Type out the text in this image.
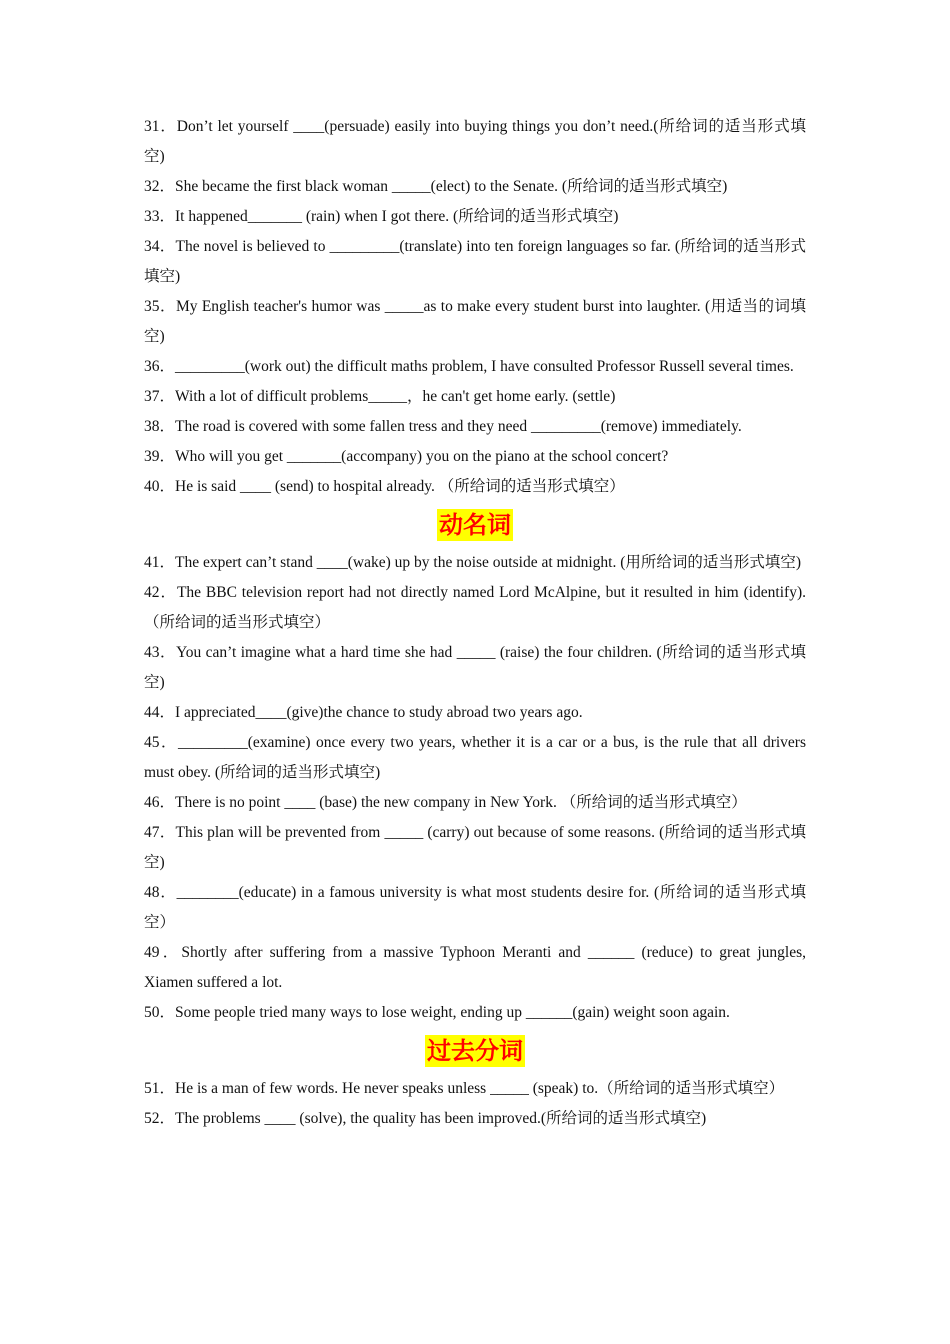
31．Don’t let yourself ____(persuade) easily into buying things you don’t need.(所给词的适当形式填空)

32．She became the first black woman _____(elect) to the Senate. (所给词的适当形式填空)

33．It happened_______ (rain) when I got there. (所给词的适当形式填空)

34．The novel is believed to _________(translate) into ten foreign languages so far. (所给词的适当形式填空)

35．My English teacher's humor was _____as to make every student burst into laughter. (用适当的词填空)

36．_________(work out) the difficult maths problem, I have consulted Professor Russell several times.

37．With a lot of difficult problems_____，he can't get home early. (settle)

38．The road is covered with some fallen tress and they need _________(remove) immediately.

39．Who will you get _______(accompany) you on the piano at the school concert?

40．He is said ____ (send) to hospital already. （所给词的适当形式填空）

动名词

41．The expert can’t stand ____(wake) up by the noise outside at midnight. (用所给词的适当形式填空)

42．The BBC television report had not directly named Lord McAlpine, but it resulted in him (identify). （所给词的适当形式填空）

43．You can’t imagine what a hard time she had _____ (raise) the four children. (所给词的适当形式填空)

44．I appreciated____(give)the chance to study abroad two years ago.

45．_________(examine) once every two years, whether it is a car or a bus, is the rule that all drivers must obey. (所给词的适当形式填空)

46．There is no point ____ (base) the new company in New York. （所给词的适当形式填空）

47．This plan will be prevented from _____ (carry) out because of some reasons. (所给词的适当形式填空)

48．________(educate) in a famous university is what most students desire for. (所给词的适当形式填空）

49．Shortly after suffering from a massive Typhoon Meranti and ______ (reduce) to great jungles, Xiamen suffered a lot.

50．Some people tried many ways to lose weight, ending up ______(gain) weight soon again.

过去分词

51．He is a man of few words. He never speaks unless _____ (speak) to.（所给词的适当形式填空）

52．The problems ____ (solve), the quality has been improved.(所给词的适当形式填空)
